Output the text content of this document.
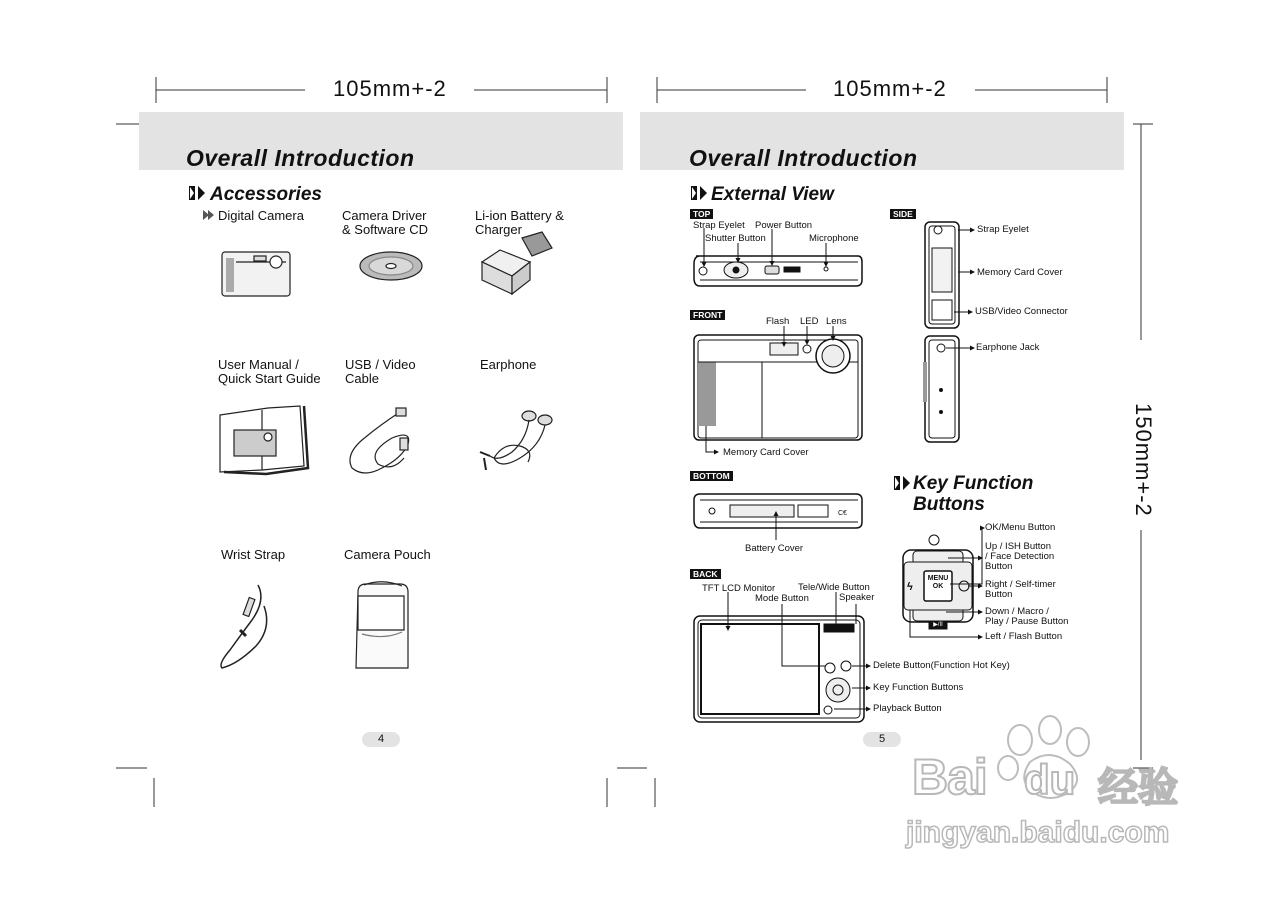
105mm+-2	105mm+-2
150mm+-2
Overall Introduction
Accessories
Digital Camera	Camera Driver
& Software CD
Li-ion Battery &
Charger
User Manual /
Quick Start Guide
USB / Video
Cable
Earphone
Wrist Strap	Camera Pouch
4
Overall Introduction
External View
TOP
FRONT
BOTTOM
BACK
SIDE
Strap Eyelet Power Button
Shutter Button	Microphone
Flash LED Lens
Memory Card Cover
Battery Cover
TFT LCD Monitor Tele/Wide Button
Mode Button	Speaker
Delete Button(Function Hot Key)
Key Function Buttons
Playback Button
Strap Eyelet
Memory Card Cover
USB/Video Connector
Earphone Jack
Key Function
Buttons
OK/Menu Button
Up / ISH Button
/ Face Detection
Button
Right / Self-timer
Button
Down / Macro /
Play / Pause Button
Left / Flash Button
C€
ϟ
MENU
OK
▶/II
5
Bai du 经验
jingyan.baidu.com
